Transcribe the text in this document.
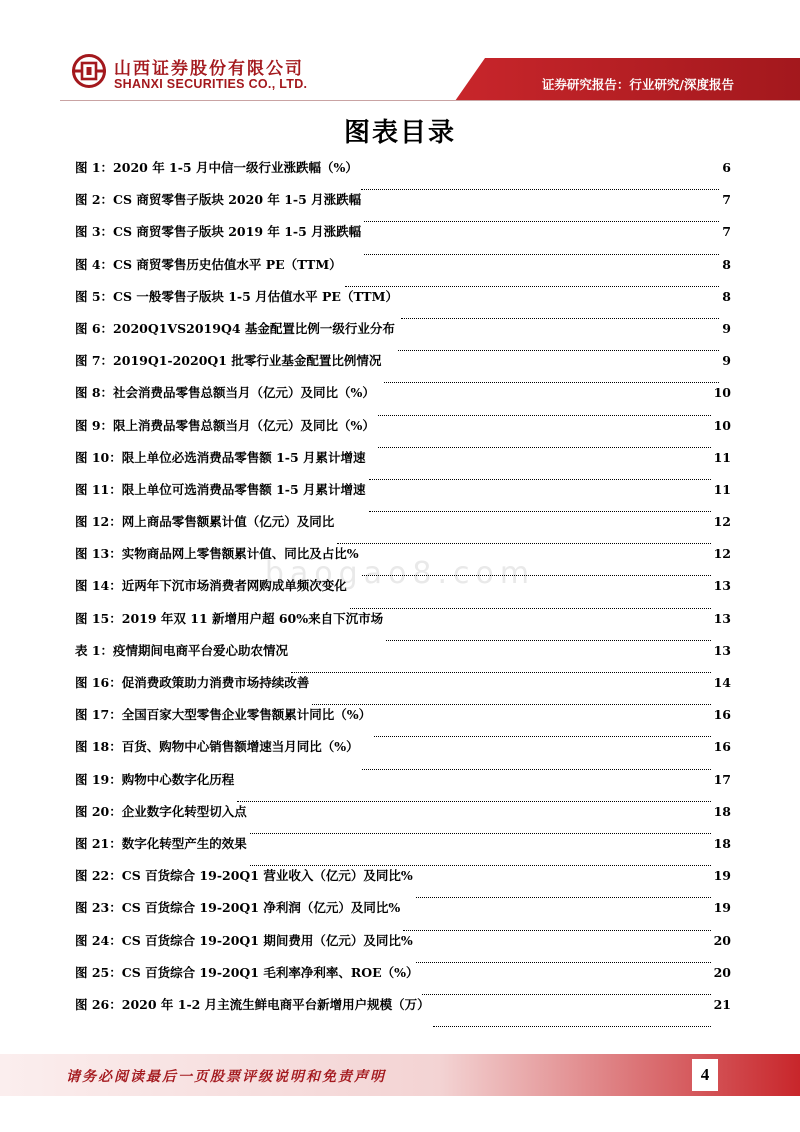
山西证券股份有限公司
SHANXI SECURITIES CO., LTD.	证券研究报告：行业研究/深度报告
图表目录
baogao8.com
图 1：2020 年 1-5 月中信一级行业涨跌幅（%）	6
图 2：CS 商贸零售子版块 2020 年 1-5 月涨跌幅	7
图 3：CS 商贸零售子版块 2019 年 1-5 月涨跌幅	7
图 4：CS 商贸零售历史估值水平 PE（TTM）	8
图 5：CS 一般零售子版块 1-5 月估值水平 PE（TTM）	8
图 6：2020Q1VS2019Q4 基金配置比例一级行业分布	9
图 7：2019Q1-2020Q1 批零行业基金配置比例情况	9
图 8：社会消费品零售总额当月（亿元）及同比（%）	10
图 9：限上消费品零售总额当月（亿元）及同比（%）	10
图 10：限上单位必选消费品零售额 1-5 月累计增速	11
图 11：限上单位可选消费品零售额 1-5 月累计增速	11
图 12：网上商品零售额累计值（亿元）及同比	12
图 13：实物商品网上零售额累计值、同比及占比%	12
图 14：近两年下沉市场消费者网购成单频次变化	13
图 15：2019 年双 11 新增用户超 60%来自下沉市场	13
表 1：疫情期间电商平台爱心助农情况	13
图 16：促消费政策助力消费市场持续改善	14
图 17：全国百家大型零售企业零售额累计同比（%）	16
图 18：百货、购物中心销售额增速当月同比（%）	16
图 19：购物中心数字化历程	17
图 20：企业数字化转型切入点	18
图 21：数字化转型产生的效果	18
图 22：CS 百货综合 19-20Q1 营业收入（亿元）及同比%	19
图 23：CS 百货综合 19-20Q1 净利润（亿元）及同比%	19
图 24：CS 百货综合 19-20Q1 期间费用（亿元）及同比%	20
图 25：CS 百货综合 19-20Q1 毛利率净利率、ROE（%）	20
图 26：2020 年 1-2 月主流生鲜电商平台新增用户规模（万）	21
请务必阅读最后一页股票评级说明和免责声明	4
